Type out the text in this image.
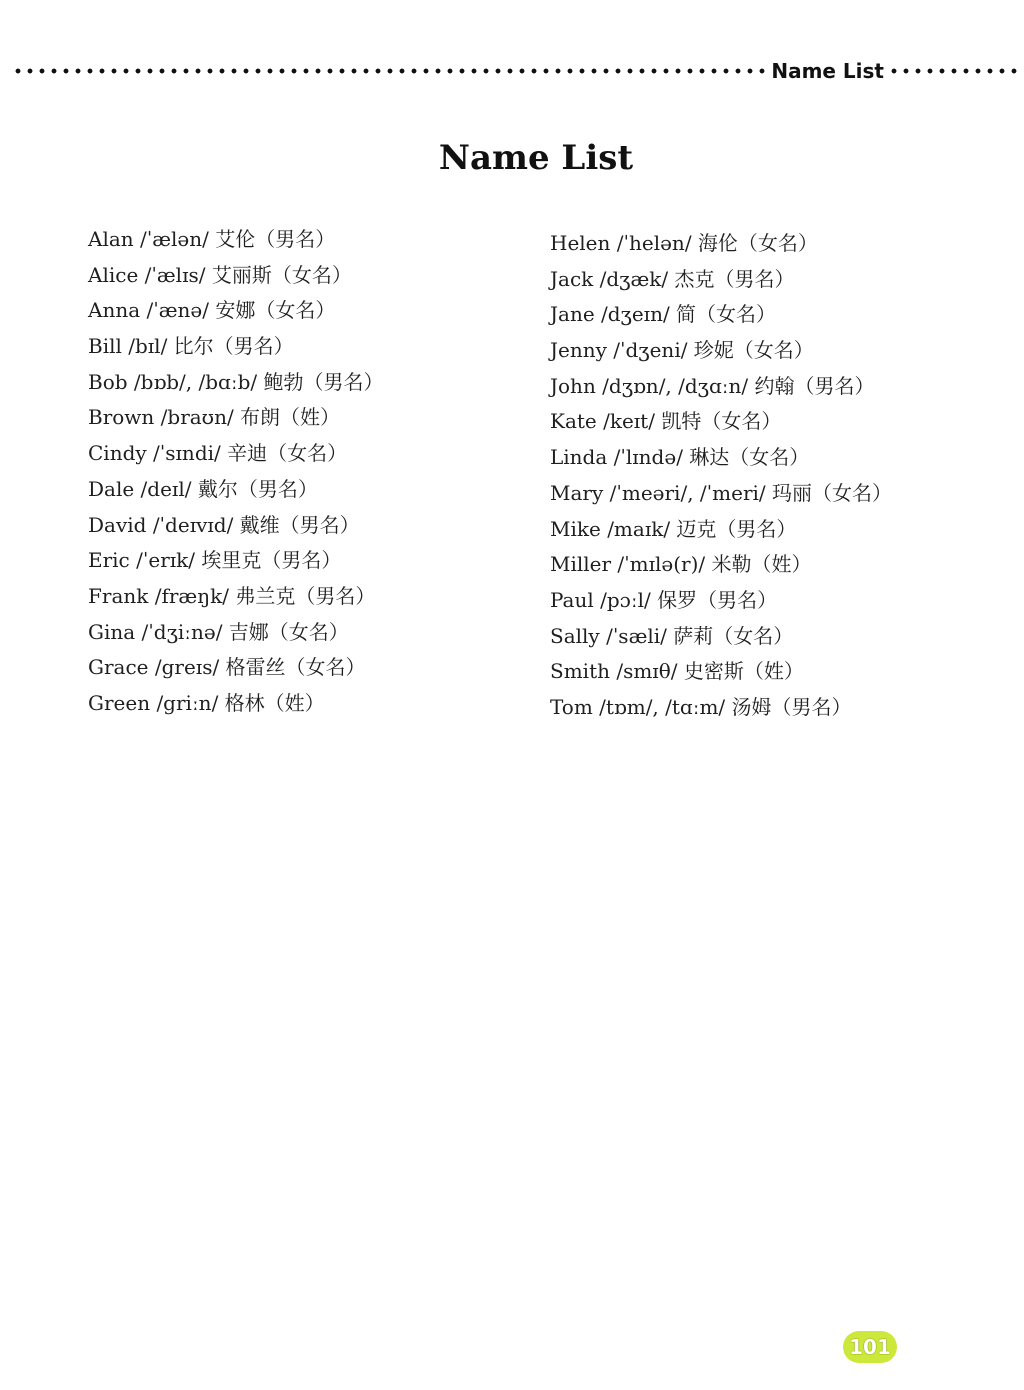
Name List
Name List
Alan /ˈælən/ 艾伦（男名）
Alice /ˈælɪs/ 艾丽斯（女名）
Anna /ˈænə/ 安娜（女名）
Bill /bɪl/ 比尔（男名）
Bob /bɒb/, /bɑːb/ 鲍勃（男名）
Brown /braʊn/ 布朗（姓）
Cindy /ˈsɪndi/ 辛迪（女名）
Dale /deɪl/ 戴尔（男名）
David /ˈdeɪvɪd/ 戴维（男名）
Eric /ˈerɪk/ 埃里克（男名）
Frank /fræŋk/ 弗兰克（男名）
Gina /ˈdʒiːnə/ 吉娜（女名）
Grace /greɪs/ 格雷丝（女名）
Green /griːn/ 格林（姓）
Helen /ˈhelən/ 海伦（女名）
Jack /dʒæk/ 杰克（男名）
Jane /dʒeɪn/ 简（女名）
Jenny /ˈdʒeni/ 珍妮（女名）
John /dʒɒn/, /dʒɑːn/ 约翰（男名）
Kate /keɪt/ 凯特（女名）
Linda /ˈlɪndə/ 琳达（女名）
Mary /ˈmeəri/, /ˈmeri/ 玛丽（女名）
Mike /maɪk/ 迈克（男名）
Miller /ˈmɪlə(r)/ 米勒（姓）
Paul /pɔːl/ 保罗（男名）
Sally /ˈsæli/ 萨莉（女名）
Smith /smɪθ/ 史密斯（姓）
Tom /tɒm/, /tɑːm/ 汤姆（男名）
101
